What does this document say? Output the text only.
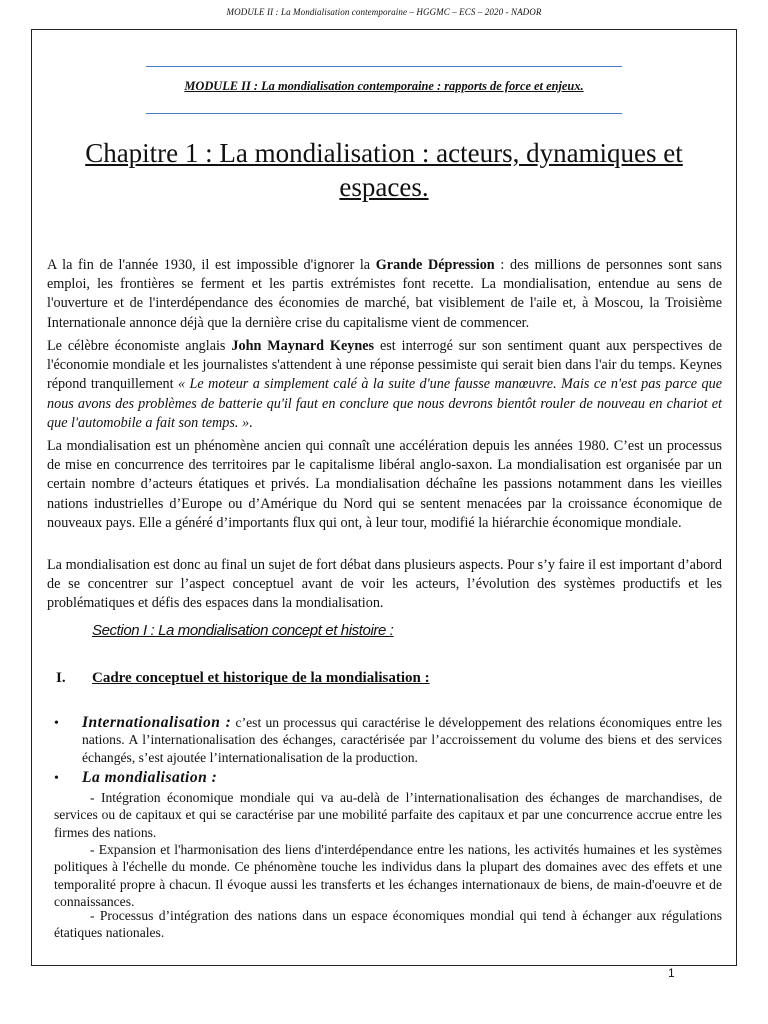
MODULE II : La Mondialisation contemporaine – HGGMC – ECS – 2020 - NADOR
MODULE II : La mondialisation contemporaine : rapports de force et enjeux.
Chapitre 1 : La mondialisation : acteurs, dynamiques et espaces.

A la fin de l'année 1930, il est impossible d'ignorer la Grande Dépression : des millions de personnes sont sans emploi, les frontières se ferment et les partis extrémistes font recette. La mondialisation, entendue au sens de l'ouverture et de l'interdépendance des économies de marché, bat visiblement de l'aile et, à Moscou, la Troisième Internationale annonce déjà que la dernière crise du capitalisme vient de commencer.

Le célèbre économiste anglais John Maynard Keynes est interrogé sur son sentiment quant aux perspectives de l'économie mondiale et les journalistes s'attendent à une réponse pessimiste qui serait bien dans l'air du temps. Keynes répond tranquillement « Le moteur a simplement calé à la suite d'une fausse manœuvre. Mais ce n'est pas parce que nous avons des problèmes de batterie qu'il faut en conclure que nous devrons bientôt rouler de nouveau en chariot et que l'automobile a fait son temps. ».

La mondialisation est un phénomène ancien qui connaît une accélération depuis les années 1980. C’est un processus de mise en concurrence des territoires par le capitalisme libéral anglo-saxon. La mondialisation est organisée par un certain nombre d’acteurs étatiques et privés. La mondialisation déchaîne les passions notamment dans les vieilles nations industrielles d’Europe ou d’Amérique du Nord qui se sentent menacées par la croissance économique de nouveaux pays. Elle a généré d’importants flux qui ont, à leur tour, modifié la hiérarchie économique mondiale.

La mondialisation est donc au final un sujet de fort débat dans plusieurs aspects. Pour s’y faire il est important d’abord de se concentrer sur l’aspect conceptuel avant de voir les acteurs, l’évolution des systèmes productifs et les problématiques et défis des espaces dans la mondialisation.

Section I : La mondialisation concept et histoire :
I. Cadre conceptuel et historique de la mondialisation :
• Internationalisation : c’est un processus qui caractérise le développement des relations économiques entre les nations. A l’internationalisation des échanges, caractérisée par l’accroissement du volume des biens et des services échangés, s’est ajoutée l’internationalisation de la production.

• La mondialisation :

- Intégration économique mondiale qui va au-delà de l’internationalisation des échanges de marchandises, de services ou de capitaux et qui se caractérise par une mobilité parfaite des capitaux et par une concurrence accrue entre les firmes des nations.

- Expansion et l'harmonisation des liens d'interdépendance entre les nations, les activités humaines et les systèmes politiques à l'échelle du monde. Ce phénomène touche les individus dans la plupart des domaines avec des effets et une temporalité propre à chacun. Il évoque aussi les transferts et les échanges internationaux de biens, de main-d'oeuvre et de connaissances.

- Processus d’intégration des nations dans un espace économiques mondial qui tend à échanger aux régulations étatiques nationales.

1
